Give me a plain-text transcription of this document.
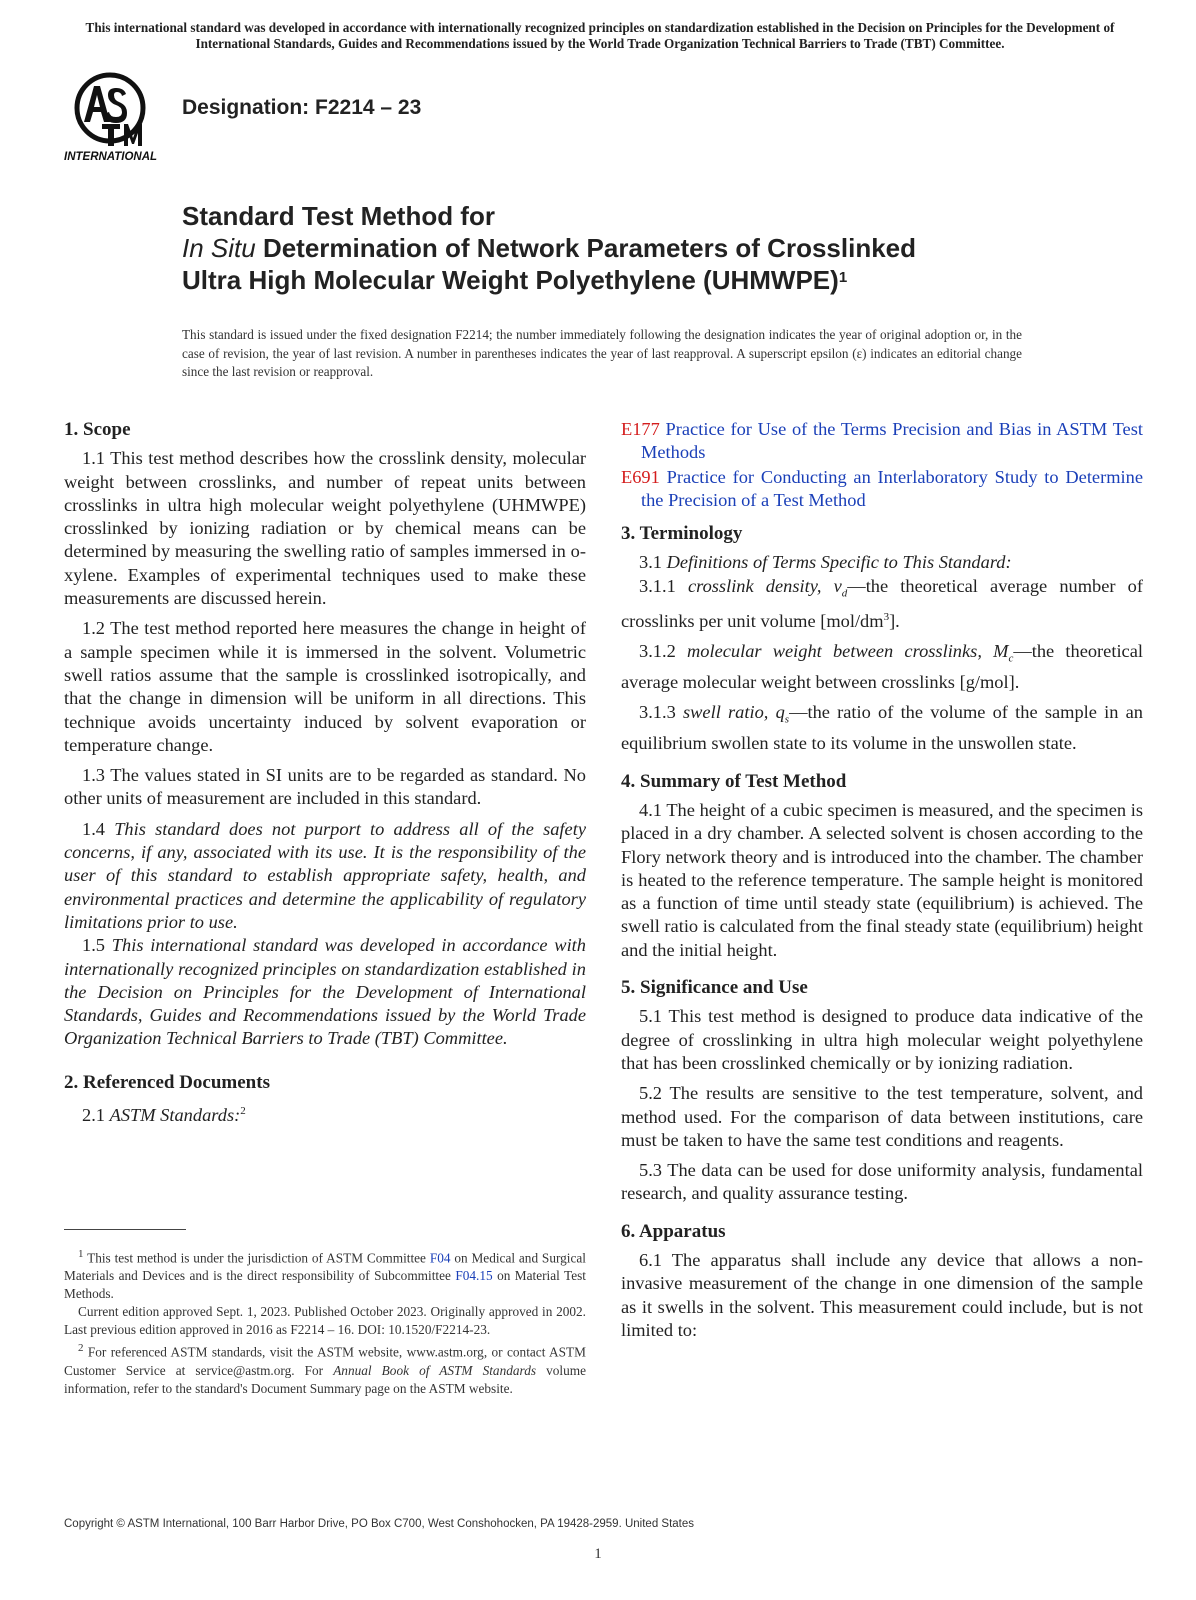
This international standard was developed in accordance with internationally recognized principles on standardization established in the Decision on Principles for the Development of International Standards, Guides and Recommendations issued by the World Trade Organization Technical Barriers to Trade (TBT) Committee.
INTERNATIONAL
Designation: F2214 – 23
Standard Test Method for
In Situ Determination of Network Parameters of Crosslinked
Ultra High Molecular Weight Polyethylene (UHMWPE)$^1$
This standard is issued under the fixed designation F2214; the number immediately following the designation indicates the year of original adoption or, in the case of revision, the year of last revision. A number in parentheses indicates the year of last reapproval. A superscript epsilon (ε) indicates an editorial change since the last revision or reapproval.
1. Scope

1.1 This test method describes how the crosslink density, molecular weight between crosslinks, and number of repeat units between crosslinks in ultra high molecular weight polyethylene (UHMWPE) crosslinked by ionizing radiation or by chemical means can be determined by measuring the swelling ratio of samples immersed in o-xylene. Examples of experimental techniques used to make these measurements are discussed herein.

1.2 The test method reported here measures the change in height of a sample specimen while it is immersed in the solvent. Volumetric swell ratios assume that the sample is crosslinked isotropically, and that the change in dimension will be uniform in all directions. This technique avoids uncertainty induced by solvent evaporation or temperature change.

1.3 The values stated in SI units are to be regarded as standard. No other units of measurement are included in this standard.

1.4 This standard does not purport to address all of the safety concerns, if any, associated with its use. It is the responsibility of the user of this standard to establish appropriate safety, health, and environmental practices and determine the applicability of regulatory limitations prior to use.

1.5 This international standard was developed in accordance with internationally recognized principles on standardization established in the Decision on Principles for the Development of International Standards, Guides and Recommendations issued by the World Trade Organization Technical Barriers to Trade (TBT) Committee.

2. Referenced Documents

2.1 ASTM Standards:$^2$

$^1$ This test method is under the jurisdiction of ASTM Committee F04 on Medical and Surgical Materials and Devices and is the direct responsibility of Subcommittee F04.15 on Material Test Methods.

Current edition approved Sept. 1, 2023. Published October 2023. Originally approved in 2002. Last previous edition approved in 2016 as F2214 – 16. DOI: 10.1520/F2214-23.

$^2$ For referenced ASTM standards, visit the ASTM website, www.astm.org, or contact ASTM Customer Service at service@astm.org. For Annual Book of ASTM Standards volume information, refer to the standard's Document Summary page on the ASTM website.

E177 Practice for Use of the Terms Precision and Bias in ASTM Test Methods
E691 Practice for Conducting an Interlaboratory Study to Determine the Precision of a Test Method
3. Terminology

3.1 Definitions of Terms Specific to This Standard:

3.1.1 crosslink density, $v_d—the$ theoretical average number of crosslinks per unit volume $[mol/dm^3]$.

3.1.2 molecular weight between crosslinks, $M_c—the$ theoretical average molecular weight between crosslinks [g/mol].

3.1.3 swell ratio, $q_s—the$ ratio of the volume of the sample in an equilibrium swollen state to its volume in the unswollen state.

4. Summary of Test Method

4.1 The height of a cubic specimen is measured, and the specimen is placed in a dry chamber. A selected solvent is chosen according to the Flory network theory and is introduced into the chamber. The chamber is heated to the reference temperature. The sample height is monitored as a function of time until steady state (equilibrium) is achieved. The swell ratio is calculated from the final steady state (equilibrium) height and the initial height.

5. Significance and Use

5.1 This test method is designed to produce data indicative of the degree of crosslinking in ultra high molecular weight polyethylene that has been crosslinked chemically or by ionizing radiation.

5.2 The results are sensitive to the test temperature, solvent, and method used. For the comparison of data between institutions, care must be taken to have the same test conditions and reagents.

5.3 The data can be used for dose uniformity analysis, fundamental research, and quality assurance testing.

6. Apparatus

6.1 The apparatus shall include any device that allows a non-invasive measurement of the change in one dimension of the sample as it swells in the solvent. This measurement could include, but is not limited to:

Copyright © ASTM International, 100 Barr Harbor Drive, PO Box C700, West Conshohocken, PA 19428-2959. United States
1
